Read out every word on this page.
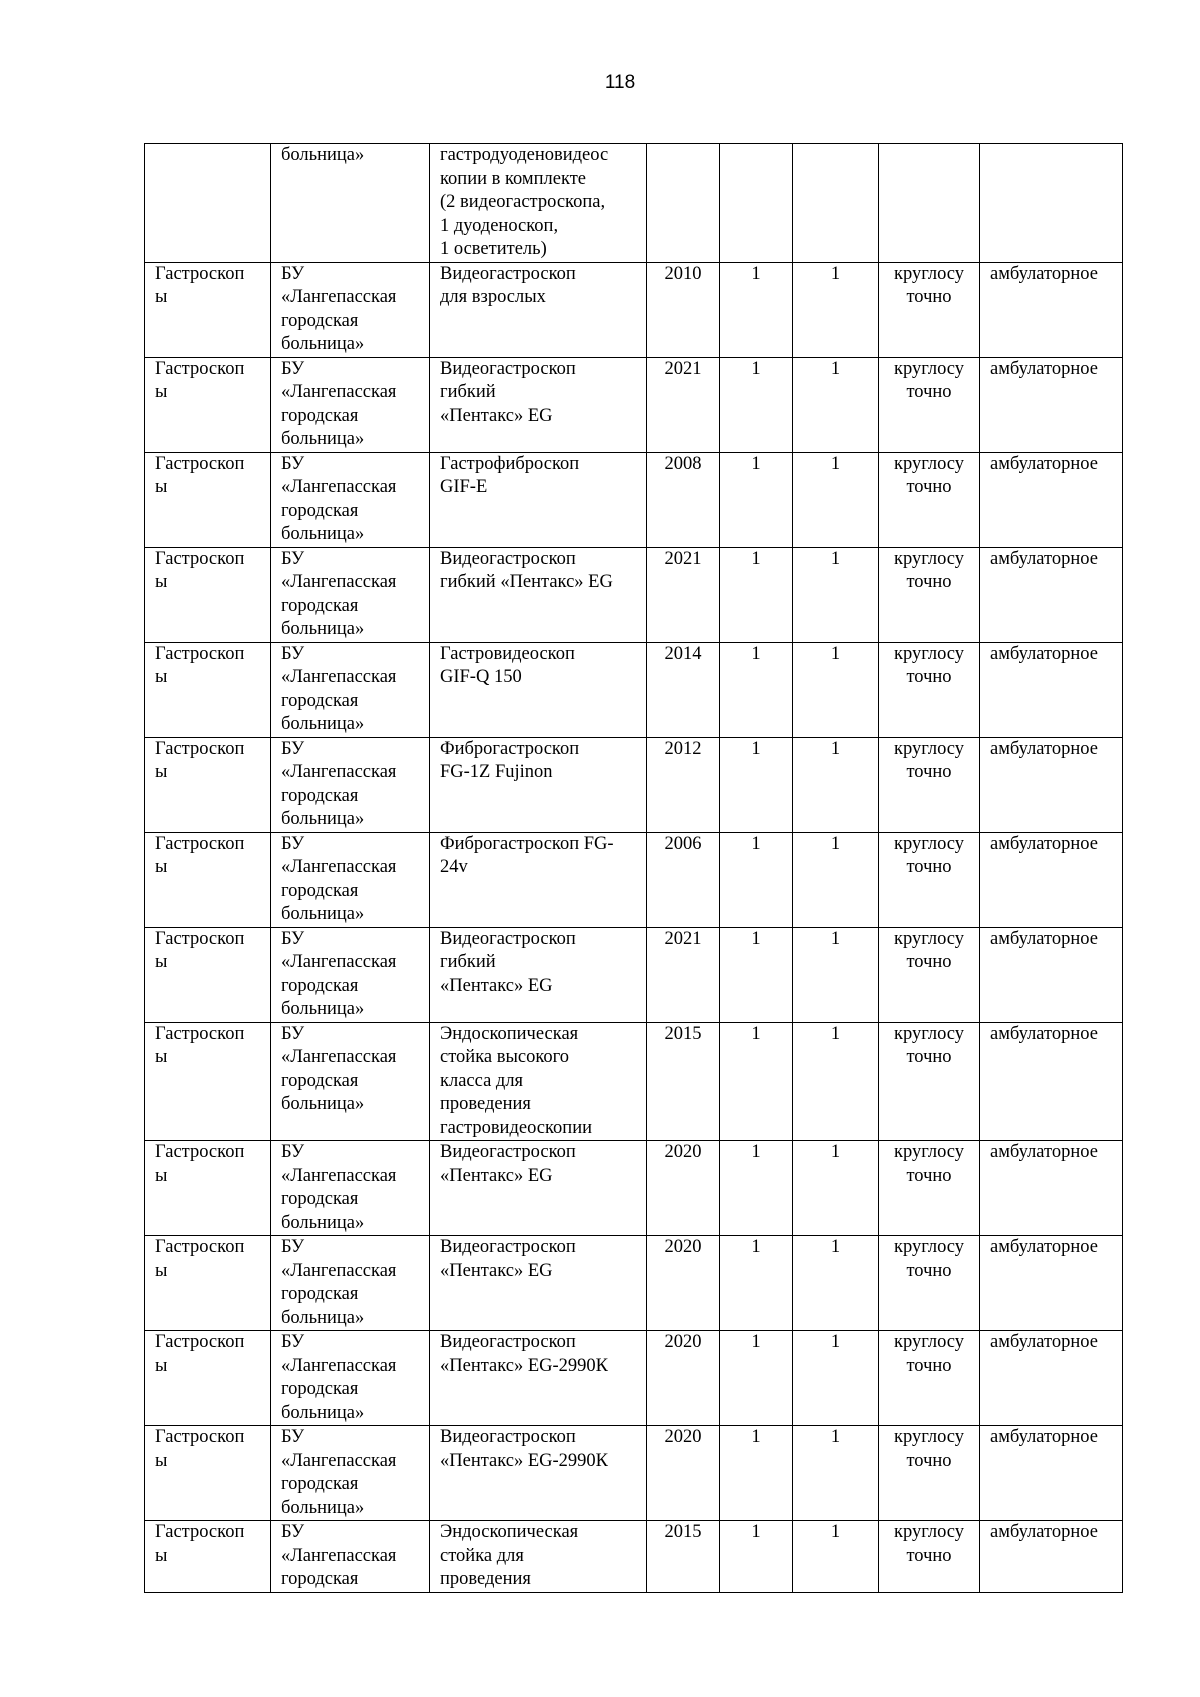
118
	больница»	гастродуоденовидеос
копии в комплекте
(2 видеогастроскопа,
1 дуоденоскоп,
1 осветитель)					
Гастроскоп
ы	БУ
«Лангепасская
городская
больница»	Видеогастроскоп
для взрослых	2010	1	1	круглосу
точно	амбулаторное
Гастроскоп
ы	БУ
«Лангепасская
городская
больница»	Видеогастроскоп
гибкий
«Пентакс» EG	2021	1	1	круглосу
точно	амбулаторное
Гастроскоп
ы	БУ
«Лангепасская
городская
больница»	Гастрофиброскоп
GIF-E	2008	1	1	круглосу
точно	амбулаторное
Гастроскоп
ы	БУ
«Лангепасская
городская
больница»	Видеогастроскоп
гибкий «Пентакс» EG	2021	1	1	круглосу
точно	амбулаторное
Гастроскоп
ы	БУ
«Лангепасская
городская
больница»	Гастровидеоскоп
GIF-Q 150	2014	1	1	круглосу
точно	амбулаторное
Гастроскоп
ы	БУ
«Лангепасская
городская
больница»	Фиброгастроскоп
FG-1Z Fujinon	2012	1	1	круглосу
точно	амбулаторное
Гастроскоп
ы	БУ
«Лангепасская
городская
больница»	Фиброгастроскоп FG-
24v	2006	1	1	круглосу
точно	амбулаторное
Гастроскоп
ы	БУ
«Лангепасская
городская
больница»	Видеогастроскоп
гибкий
«Пентакс» EG	2021	1	1	круглосу
точно	амбулаторное
Гастроскоп
ы	БУ
«Лангепасская
городская
больница»	Эндоскопическая
стойка высокого
класса для
проведения
гастровидеоскопии	2015	1	1	круглосу
точно	амбулаторное
Гастроскоп
ы	БУ
«Лангепасская
городская
больница»	Видеогастроскоп
«Пентакс» EG	2020	1	1	круглосу
точно	амбулаторное
Гастроскоп
ы	БУ
«Лангепасская
городская
больница»	Видеогастроскоп
«Пентакс» EG	2020	1	1	круглосу
точно	амбулаторное
Гастроскоп
ы	БУ
«Лангепасская
городская
больница»	Видеогастроскоп
«Пентакс» EG-2990К	2020	1	1	круглосу
точно	амбулаторное
Гастроскоп
ы	БУ
«Лангепасская
городская
больница»	Видеогастроскоп
«Пентакс» EG-2990К	2020	1	1	круглосу
точно	амбулаторное
Гастроскоп
ы	БУ
«Лангепасская
городская	Эндоскопическая
стойка для
проведения	2015	1	1	круглосу
точно	амбулаторное
